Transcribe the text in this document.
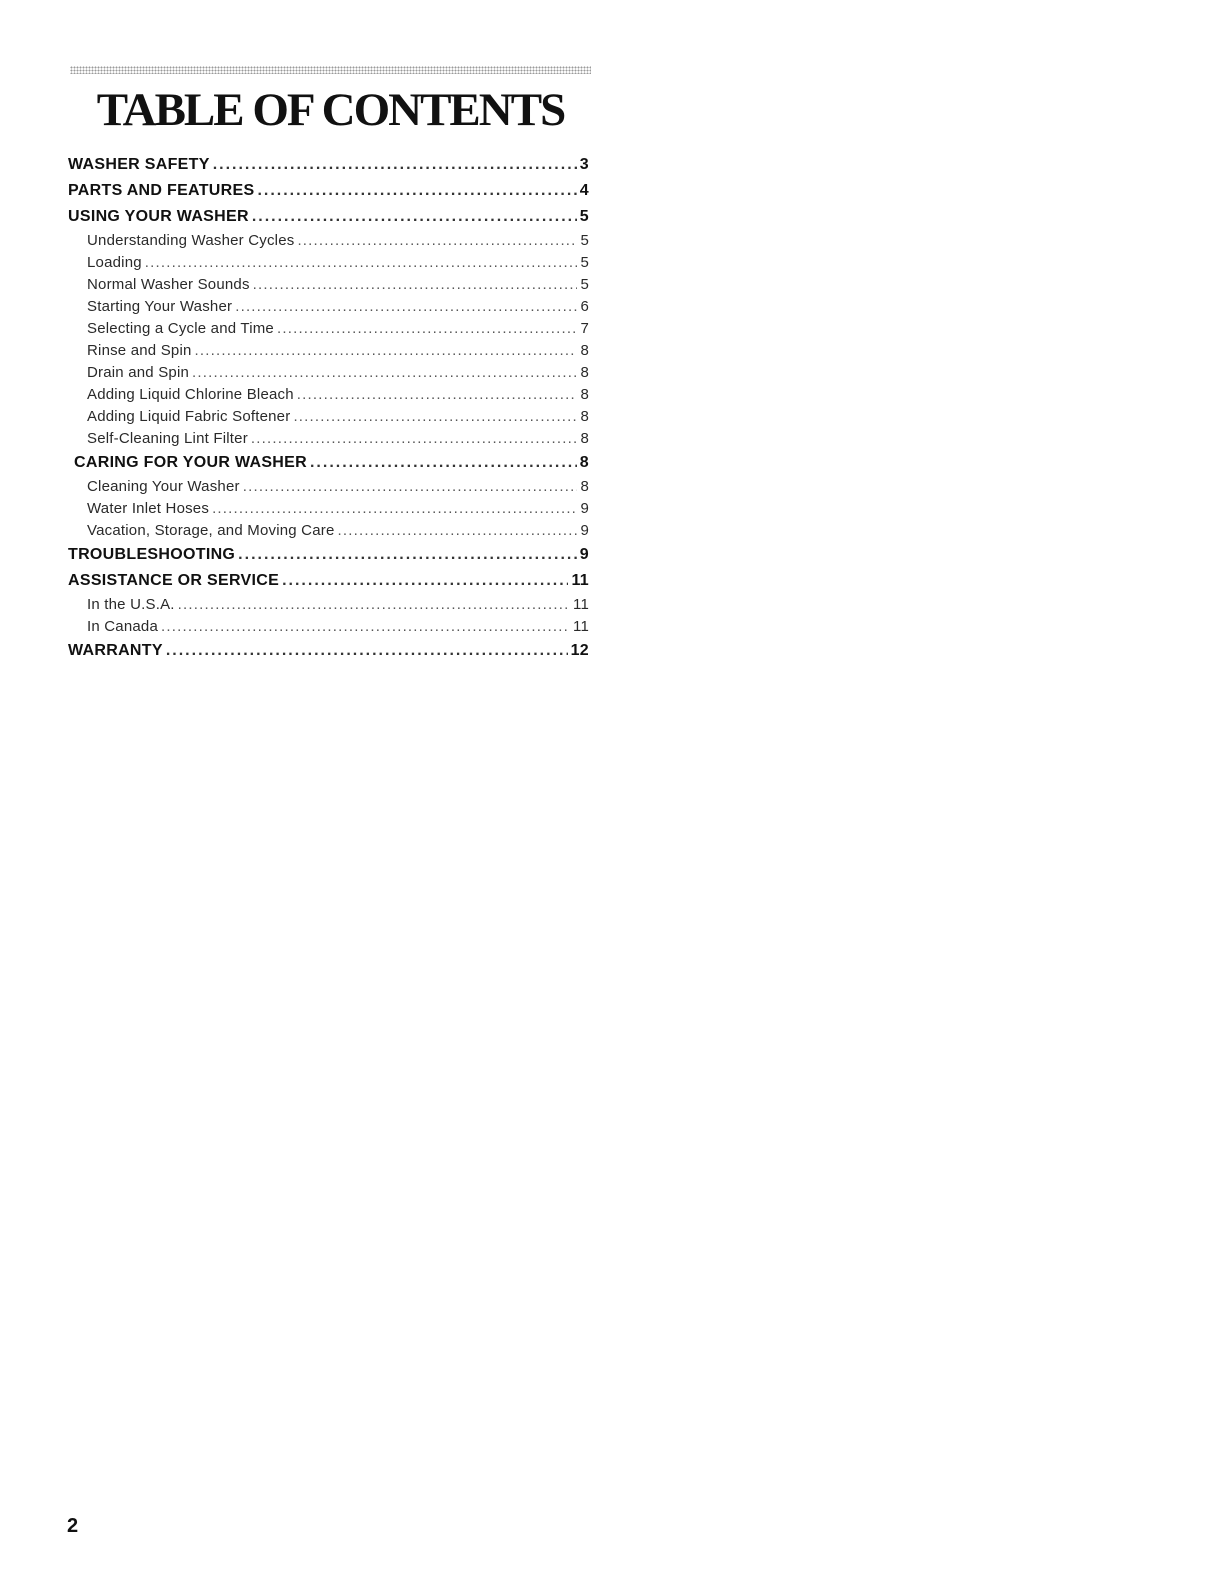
TABLE OF CONTENTS
WASHER SAFETY .....	3
PARTS AND FEATURES .....	4
USING YOUR WASHER .....	5
Understanding Washer Cycles .....	5
Loading .....	5
Normal Washer Sounds .....	5
Starting Your Washer .....	6
Selecting a Cycle and Time .....	7
Rinse and Spin .....	8
Drain and Spin .....	8
Adding Liquid Chlorine Bleach .....	8
Adding Liquid Fabric Softener .....	8
Self-Cleaning Lint Filter .....	8
CARING FOR YOUR WASHER .....	8
Cleaning Your Washer .....	8
Water Inlet Hoses .....	9
Vacation, Storage, and Moving Care .....	9
TROUBLESHOOTING .....	9
ASSISTANCE OR SERVICE .....	11
In the U.S.A. .....	11
In Canada .....	11
WARRANTY .....	12
2
